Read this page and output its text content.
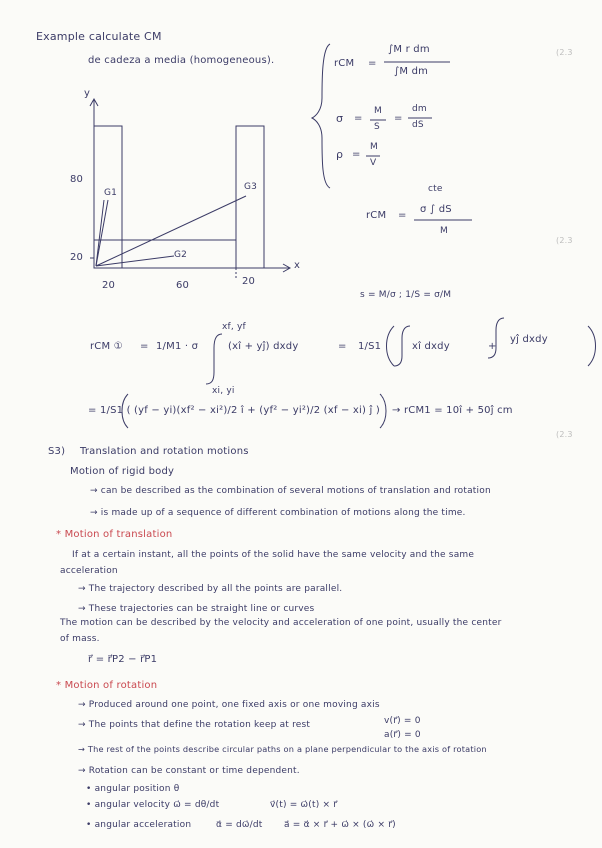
Example calculate CM
de cadeza a media (homogeneous).
y
x
80
20
20	60	20
G1
G2
G3
rCM =
∫M r dm
∫M dm
σ =
M
S
=
dm
dS
ρ =
M
V
cte
rCM =
σ ∫ dS
M
s = M/σ ; 1/S = σ/M
rCM ① = 1/M1 · σ
xf, yf
xi, yi
(xî + yĵ) dxdy	= 1/S1	xî dxdy	+
yĵ dxdy
= 1/S1 ( (yf − yi)(xf² − xi²)/2 î + (yf² − yi²)/2 (xf − xi) ĵ ) → rCM1 = 10î + 50ĵ cm
S3) Translation and rotation motions
Motion of rigid body
→ can be described as the combination of several motions of translation and rotation
→ is made up of a sequence of different combination of motions along the time.
* Motion of translation
If at a certain instant, all the points of the solid have the same velocity and the same
acceleration
→ The trajectory described by all the points are parallel.
→ These trajectories can be straight line or curves
The motion can be described by the velocity and acceleration of one point, usually the center
of mass.
r⃗ = r⃗P2 − r⃗P1
* Motion of rotation
→ Produced around one point, one fixed axis or one moving axis
→ The points that define the rotation keep at rest	v(r⃗) = 0
a(r⃗) = 0
→ The rest of the points describe circular paths on a plane perpendicular to the axis of rotation
→ Rotation can be constant or time dependent.
• angular position θ
• angular velocity ω⃗ = dθ/dt	v⃗(t) = ω⃗(t) × r⃗
• angular acceleration	α⃗ = dω⃗/dt a⃗ = α⃗ × r⃗ + ω⃗ × (ω⃗ × r⃗)
(2.3
(2.3
(2.3
